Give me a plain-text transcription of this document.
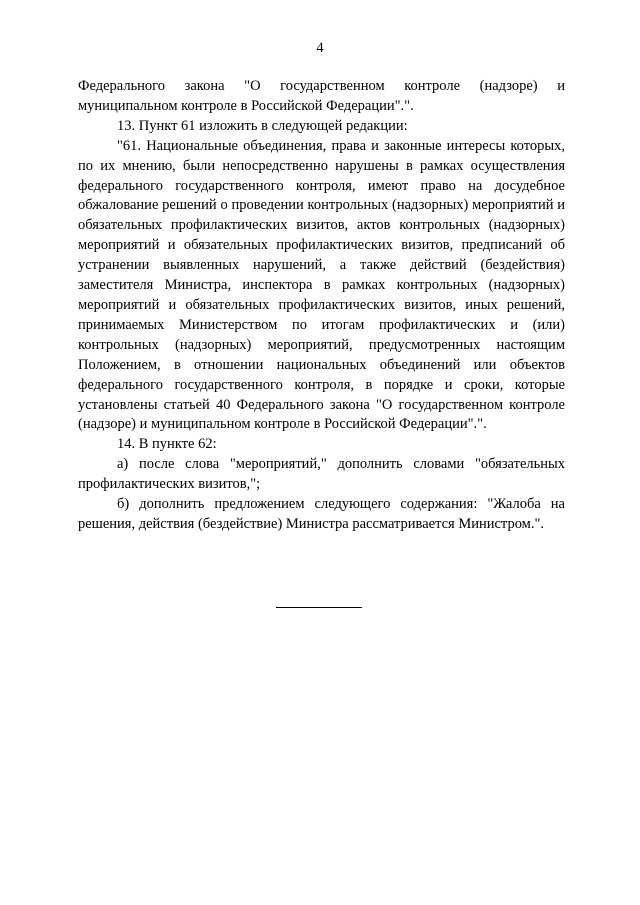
4

Федерального закона "О государственном контроле (надзоре) и муниципальном контроле в Российской Федерации".".

13. Пункт 61 изложить в следующей редакции:

"61. Национальные объединения, права и законные интересы которых, по их мнению, были непосредственно нарушены в рамках осуществления федерального государственного контроля, имеют право на досудебное обжалование решений о проведении контрольных (надзорных) мероприятий и обязательных профилактических визитов, актов контрольных (надзорных) мероприятий и обязательных профилактических визитов, предписаний об устранении выявленных нарушений, а также действий (бездействия) заместителя Министра, инспектора в рамках контрольных (надзорных) мероприятий и обязательных профилактических визитов, иных решений, принимаемых Министерством по итогам профилактических и (или) контрольных (надзорных) мероприятий, предусмотренных настоящим Положением, в отношении национальных объединений или объектов федерального государственного контроля, в порядке и сроки, которые установлены статьей 40 Федерального закона "О государственном контроле (надзоре) и муниципальном контроле в Российской Федерации".".

14. В пункте 62:

а) после слова "мероприятий," дополнить словами "обязательных профилактических визитов,";

б) дополнить предложением следующего содержания: "Жалоба на решения, действия (бездействие) Министра рассматривается Министром.".
